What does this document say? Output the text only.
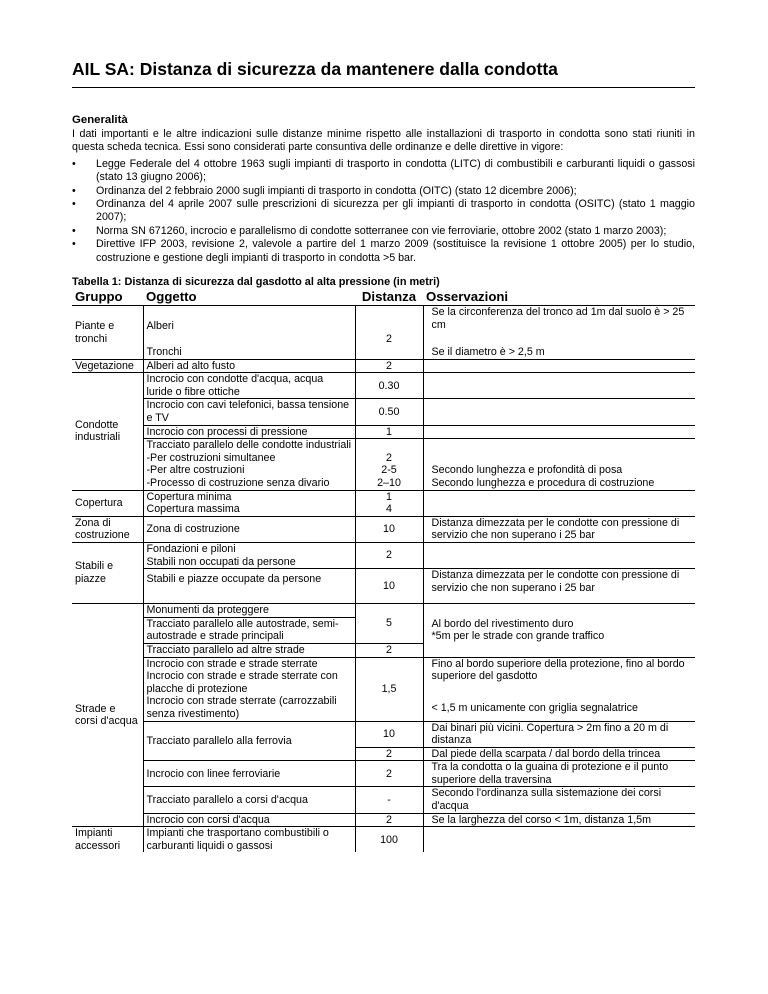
AIL SA: Distanza di sicurezza da mantenere dalla condotta
Generalità
I dati importanti e le altre indicazioni sulle distanze minime rispetto alle installazioni di trasporto in condotta sono stati riuniti in questa scheda tecnica. Essi sono considerati parte consuntiva delle ordinanze e delle direttive in vigore:
• Legge Federale del 4 ottobre 1963 sugli impianti di trasporto in condotta (LITC) di combustibili e carburanti liquidi o gassosi (stato 13 giugno 2006);
• Ordinanza del 2 febbraio 2000 sugli impianti di trasporto in condotta (OITC) (stato 12 dicembre 2006);
• Ordinanza del 4 aprile 2007 sulle prescrizioni di sicurezza per gli impianti di trasporto in condotta (OSITC) (stato 1 maggio 2007);
• Norma SN 671260, incrocio e parallelismo di condotte sotterranee con vie ferroviarie, ottobre 2002 (stato 1 marzo 2003);
• Direttive IFP 2003, revisione 2, valevole a partire del 1 marzo 2009 (sostituisce la revisione 1 ottobre 2005) per lo studio, costruzione e gestione degli impianti di trasporto in condotta >5 bar.
Tabella 1: Distanza di sicurezza dal gasdotto al alta pressione (in metri)
Gruppo	Oggetto	Distanza	Osservazioni
Piante e tronchi	Alberi	2	Se la circonferenza del tronco ad 1m dal suolo è > 25 cm
	Tronchi		Se il diametro è > 2,5 m
Vegetazione	Alberi ad alto fusto	2	
Condotte industriali	Incrocio con condotte d'acqua, acqua luride o fibre ottiche	0.30	
	Incrocio con cavi telefonici, bassa tensione e TV	0.50	
	Incrocio con processi di pressione	1	
	Tracciato parallelo delle condotte industriali		
	-Per costruzioni simultanee	2	
	-Per altre costruzioni	2-5	Secondo lunghezza e profondità di posa
	-Processo di costruzione senza divario	2–10	Secondo lunghezza e procedura di costruzione
Copertura	Copertura minima	1	
	Copertura massima	4	
Zona di costruzione	Zona di costruzione	10	Distanza dimezzata per le condotte con pressione di servizio che non superano i 25 bar
Stabili e piazze	Fondazioni e piloni	2	
	Stabili non occupati da persone		
	Stabili e piazze occupate da persone	10	Distanza dimezzata per le condotte con pressione di servizio che non superano i 25 bar
Strade e corsi d'acqua	Monumenti da proteggere	5	Al bordo del rivestimento duro
*5m per le strade con grande traffico
	Tracciato parallelo alle autostrade, semi-autostrade e strade principali		
	Tracciato parallelo ad altre strade	2	
	Incrocio con strade e strade sterrate	1,5	Fino al bordo superiore della protezione, fino al bordo superiore del gasdotto
	Incrocio con strade e strade sterrate con placche di protezione		
	Incrocio con strade sterrate (carrozzabili senza rivestimento)		< 1,5 m unicamente con griglia segnalatrice
	Tracciato parallelo alla ferrovia	10	Dai binari più vicini. Copertura > 2m fino a 20 m di distanza
		2	Dal piede della scarpata / dal bordo della trincea
	Incrocio con linee ferroviarie	2	Tra la condotta o la guaina di protezione e il punto superiore della traversina
	Tracciato parallelo a corsi d'acqua	-	Secondo l'ordinanza sulla sistemazione dei corsi d'acqua
	Incrocio con corsi d'acqua	2	Se la larghezza del corso < 1m, distanza 1,5m
Impianti accessori	Impianti che trasportano combustibili o carburanti liquidi o gassosi	100	
